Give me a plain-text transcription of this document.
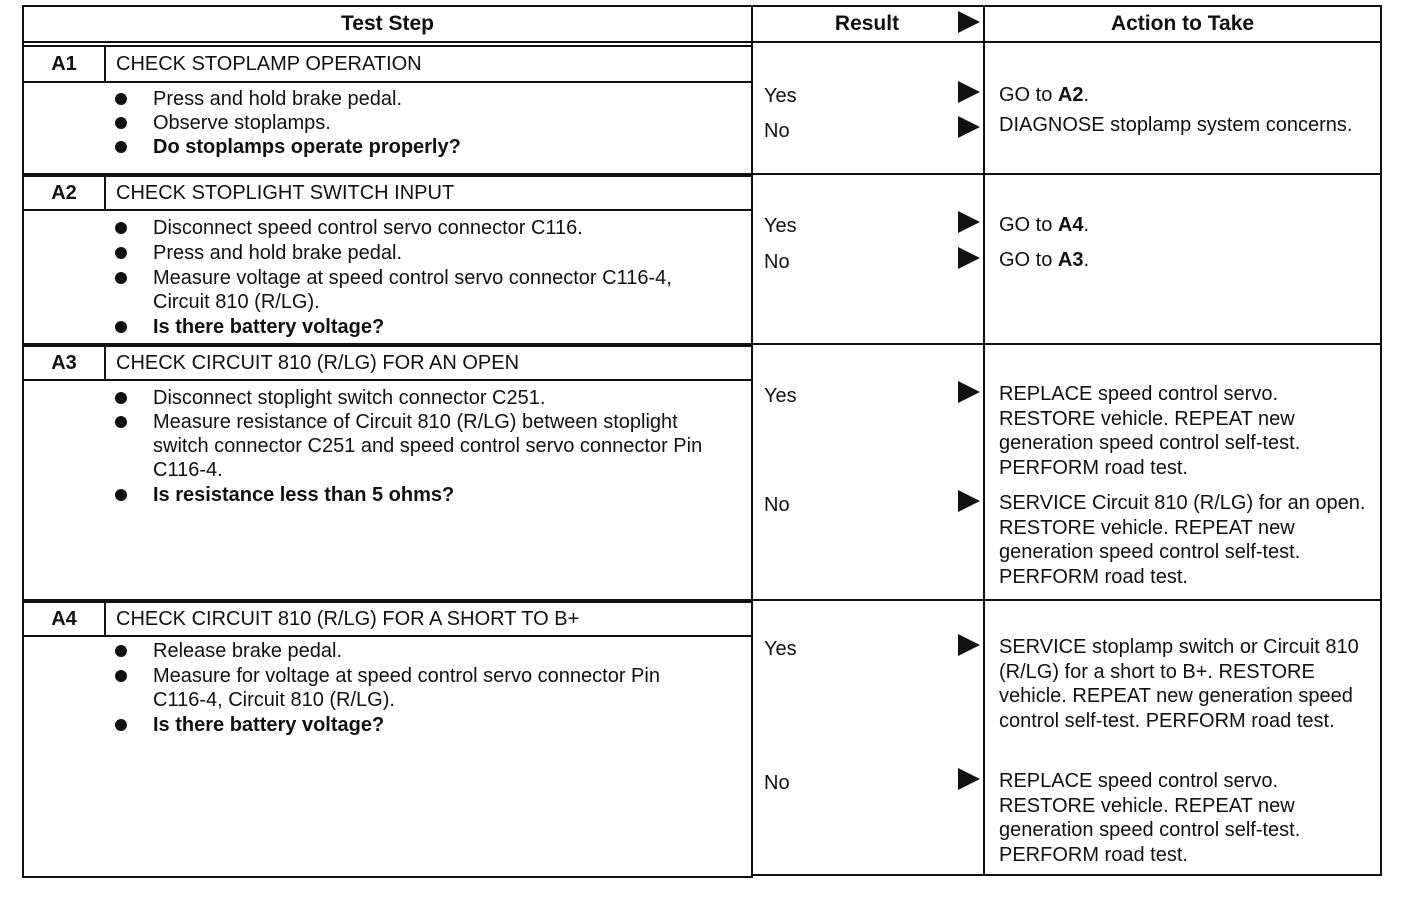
Test Step	Result	Action to Take
A1	CHECK STOPLAMP OPERATION
Press and hold brake pedal.
Observe stoplamps.
Do stoplamps operate properly?
Yes	GO to A2.
No	DIAGNOSE stoplamp system concerns.
A2	CHECK STOPLIGHT SWITCH INPUT
Disconnect speed control servo connector C116.
Press and hold brake pedal.
Measure voltage at speed control servo connector C116-4, Circuit 810 (R/LG).
Is there battery voltage?
Yes	GO to A4.
No	GO to A3.
A3	CHECK CIRCUIT 810 (R/LG) FOR AN OPEN
Disconnect stoplight switch connector C251.
Measure resistance of Circuit 810 (R/LG) between stoplight switch connector C251 and speed control servo connector Pin C116-4.
Is resistance less than 5 ohms?
Yes	REPLACE speed control servo. RESTORE vehicle. REPEAT new generation speed control self-test. PERFORM road test.
No	SERVICE Circuit 810 (R/LG) for an open. RESTORE vehicle. REPEAT new generation speed control self-test. PERFORM road test.
A4	CHECK CIRCUIT 810 (R/LG) FOR A SHORT TO B+
Release brake pedal.
Measure for voltage at speed control servo connector Pin C116-4, Circuit 810 (R/LG).
Is there battery voltage?
Yes	SERVICE stoplamp switch or Circuit 810 (R/LG) for a short to B+. RESTORE vehicle. REPEAT new generation speed control self-test. PERFORM road test.
No	REPLACE speed control servo. RESTORE vehicle. REPEAT new generation speed control self-test. PERFORM road test.
